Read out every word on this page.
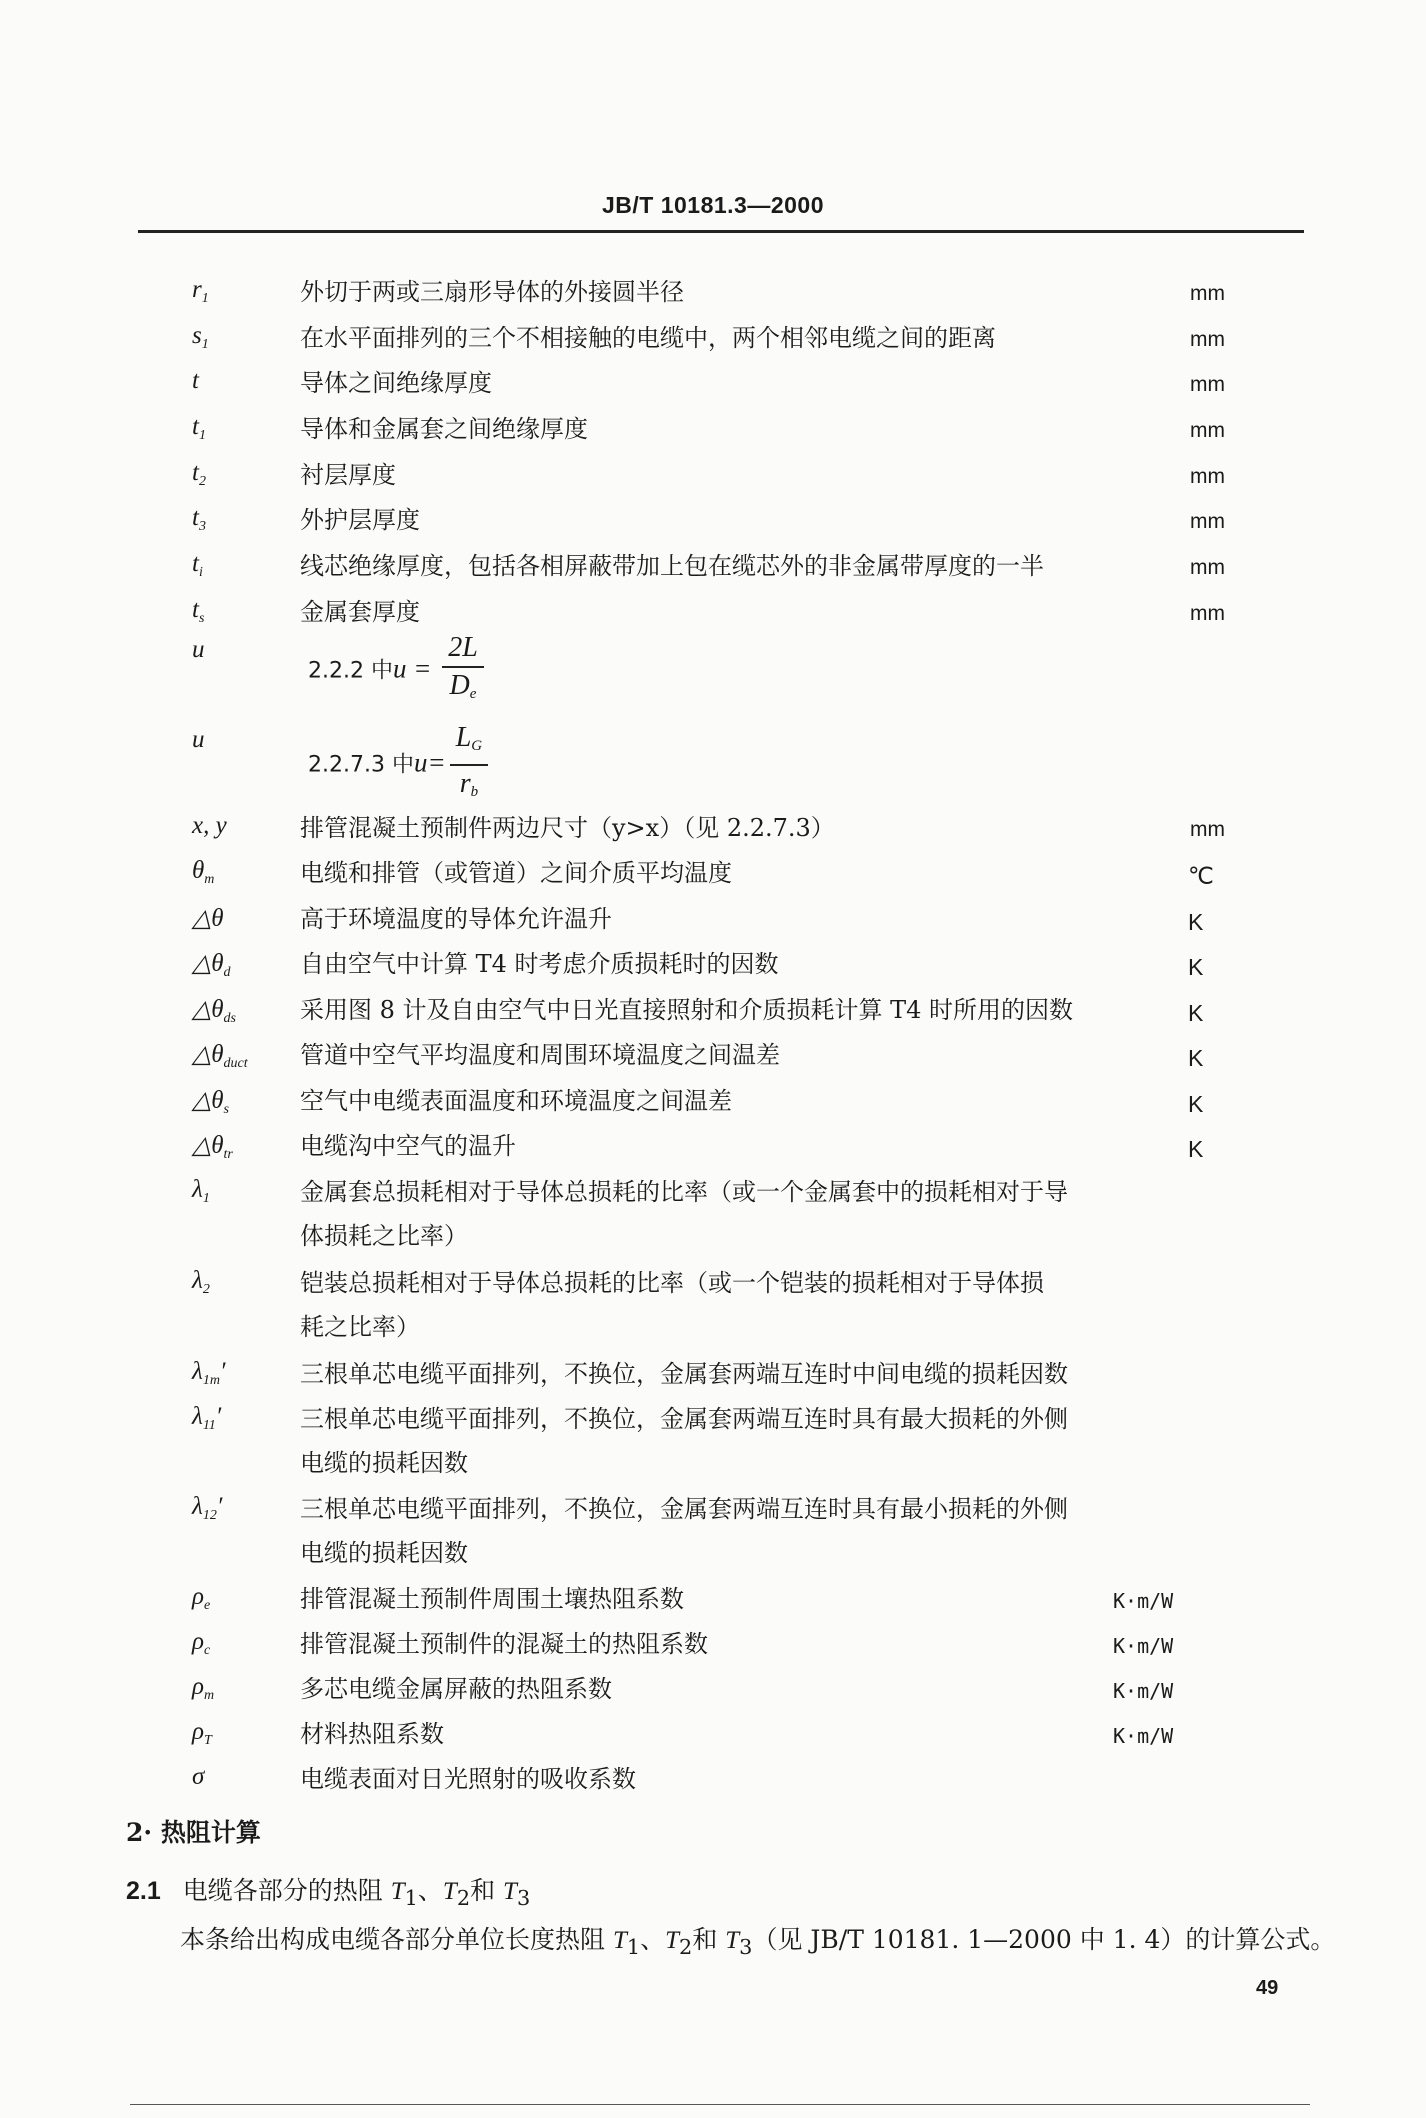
JB/T 10181.3—2000
$r_1$	外切于两或三扇形导体的外接圆半径	mm
$s_1$	在水平面排列的三个不相接触的电缆中，两个相邻电缆之间的距离	mm
t	导体之间绝缘厚度	mm
$t_1$	导体和金属套之间绝缘厚度	mm
$t_2$	衬层厚度	mm
$t_3$	外护层厚度	mm
$t_i$	线芯绝缘厚度，包括各相屏蔽带加上包在缆芯外的非金属带厚度的一半	mm
$t_s$	金属套厚度	mm
u
2.2.2 中$u = \frac{2L}{D_e}$
u
2.2.7.3 中$u= \frac{L_G}{r_b}$
x, y	排管混凝土预制件两边尺寸（y>x）（见 2.2.7.3）	mm
$\theta_m$	电缆和排管（或管道）之间介质平均温度	℃
△θ	高于环境温度的导体允许温升	K
$\triangle\theta_d$	自由空气中计算 T4 时考虑介质损耗时的因数	K
$\triangle\theta_{ds}$	采用图 8 计及自由空气中日光直接照射和介质损耗计算 T4 时所用的因数	K
$\triangle\theta_{duct}$ 管道中空气平均温度和周围环境温度之间温差	K
$\triangle\theta_s$	空气中电缆表面温度和环境温度之间温差	K
$\triangle\theta_{tr}$	电缆沟中空气的温升	K
$\lambda_1$	金属套总损耗相对于导体总损耗的比率（或一个金属套中的损耗相对于导
体损耗之比率）
$\lambda_2$	铠装总损耗相对于导体总损耗的比率（或一个铠装的损耗相对于导体损
耗之比率）
$\lambda_{1m}'$	三根单芯电缆平面排列，不换位，金属套两端互连时中间电缆的损耗因数
$\lambda_{11}'$	三根单芯电缆平面排列，不换位，金属套两端互连时具有最大损耗的外侧
电缆的损耗因数
$\lambda_{12}'$	三根单芯电缆平面排列，不换位，金属套两端互连时具有最小损耗的外侧
电缆的损耗因数
$\rho_e$	排管混凝土预制件周围土壤热阻系数	K·m/W
$\rho_c$	排管混凝土预制件的混凝土的热阻系数	K·m/W
$\rho_m$	多芯电缆金属屏蔽的热阻系数	K·m/W
$\rho_T$	材料热阻系数	K·m/W
σ	电缆表面对日光照射的吸收系数
2· 热阻计算
2.1 电缆各部分的热阻 $T_1$、$T_2$和 $T_3$
本条给出构成电缆各部分单位长度热阻 $T_1$、$T_2$和 $T_3$（见 JB/T 10181. 1—2000 中 1. 4）的计算公式。
49
